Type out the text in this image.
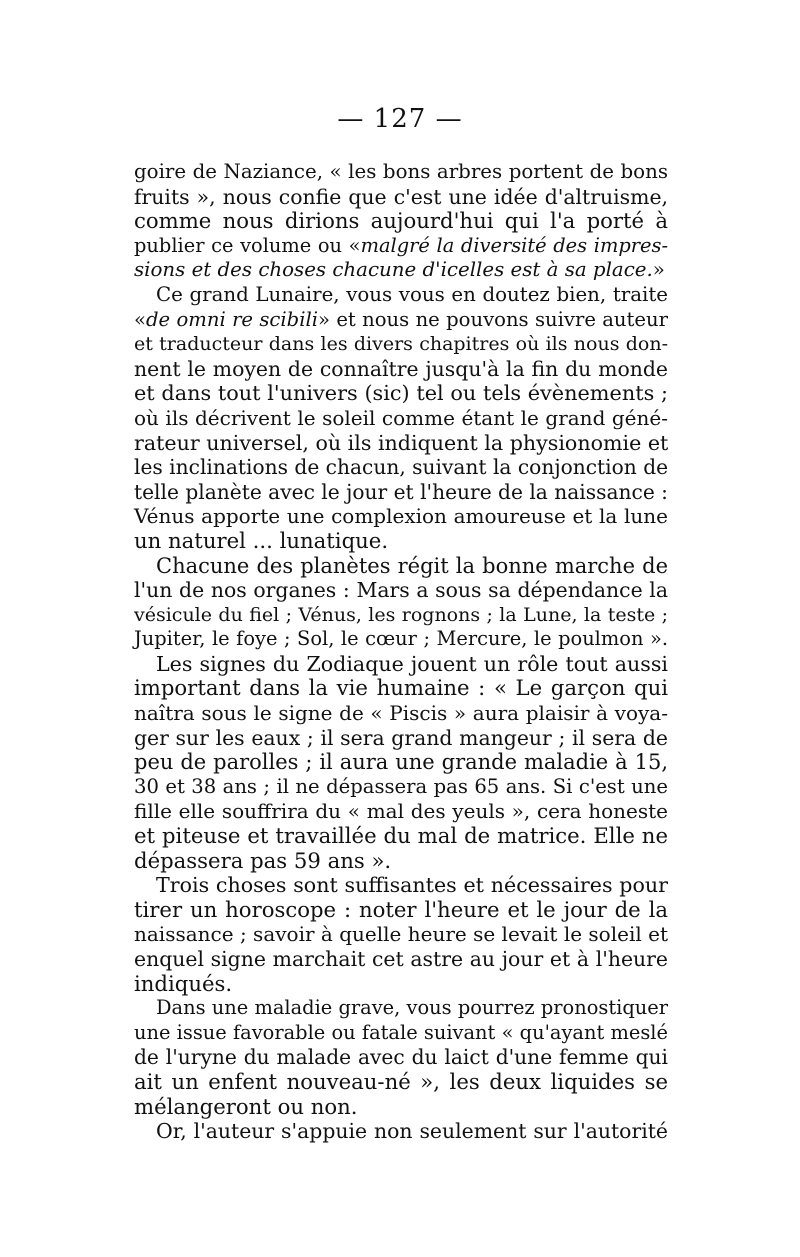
— 127 —
goire de Naziance, « les bons arbres portent de bons
fruits », nous confie que c'est une idée d'altruisme,
comme nous dirions aujourd'hui qui l'a porté à
publier ce volume ou «malgré la diversité des impres-
sions et des choses chacune d'icelles est à sa place.»
Ce grand Lunaire, vous vous en doutez bien, traite
«de omni re scibili» et nous ne pouvons suivre auteur
et traducteur dans les divers chapitres où ils nous don-
nent le moyen de connaître jusqu'à la fin du monde
et dans tout l'univers (sic) tel ou tels évènements ;
où ils décrivent le soleil comme étant le grand géné-
rateur universel, où ils indiquent la physionomie et
les inclinations de chacun, suivant la conjonction de
telle planète avec le jour et l'heure de la naissance :
Vénus apporte une complexion amoureuse et la lune
un naturel ... lunatique.
Chacune des planètes régit la bonne marche de
l'un de nos organes : Mars a sous sa dépendance la
vésicule du fiel ; Vénus, les rognons ; la Lune, la teste ;
Jupiter, le foye ; Sol, le cœur ; Mercure, le poulmon ».
Les signes du Zodiaque jouent un rôle tout aussi
important dans la vie humaine : « Le garçon qui
naîtra sous le signe de « Piscis » aura plaisir à voya-
ger sur les eaux ; il sera grand mangeur ; il sera de
peu de parolles ; il aura une grande maladie à 15,
30 et 38 ans ; il ne dépassera pas 65 ans. Si c'est une
fille elle souffrira du « mal des yeuls », cera honeste
et piteuse et travaillée du mal de matrice. Elle ne
dépassera pas 59 ans ».
Trois choses sont suffisantes et nécessaires pour
tirer un horoscope : noter l'heure et le jour de la
naissance ; savoir à quelle heure se levait le soleil et
enquel signe marchait cet astre au jour et à l'heure
indiqués.
Dans une maladie grave, vous pourrez pronostiquer
une issue favorable ou fatale suivant « qu'ayant meslé
de l'uryne du malade avec du laict d'une femme qui
ait un enfent nouveau-né », les deux liquides se
mélangeront ou non.
Or, l'auteur s'appuie non seulement sur l'autorité
